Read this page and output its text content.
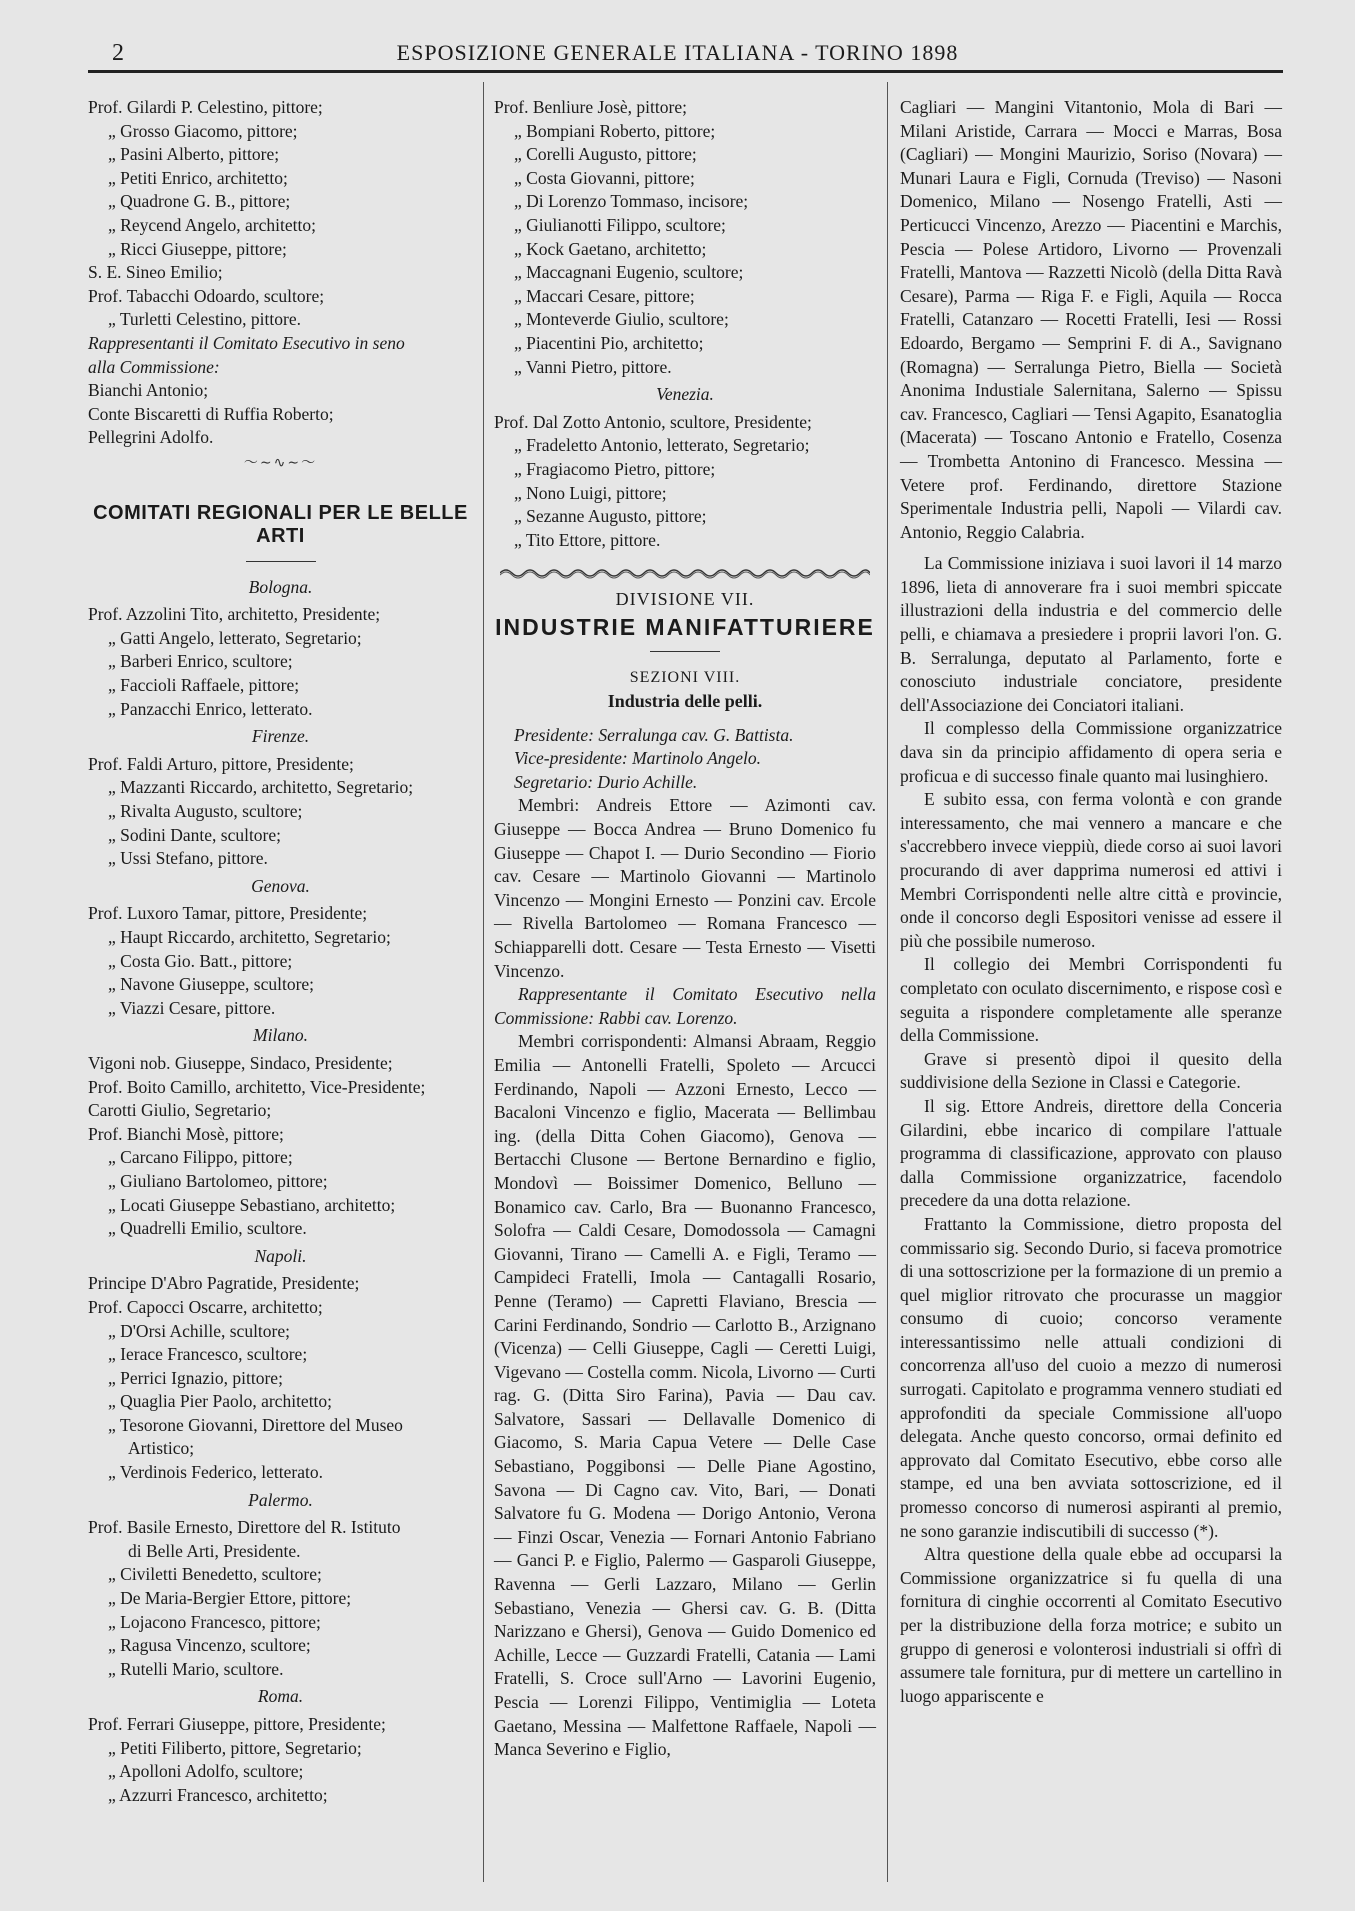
2	ESPOSIZIONE GENERALE ITALIANA - TORINO 1898
Prof. Gilardi P. Celestino, pittore;
„ Grosso Giacomo, pittore;
„ Pasini Alberto, pittore;
„ Petiti Enrico, architetto;
„ Quadrone G. B., pittore;
„ Reycend Angelo, architetto;
„ Ricci Giuseppe, pittore;
S. E. Sineo Emilio;
Prof. Tabacchi Odoardo, scultore;
„ Turletti Celestino, pittore.
Rappresentanti il Comitato Esecutivo in seno
alla Commissione:
Bianchi Antonio;
Conte Biscaretti di Ruffia Roberto;
Pellegrini Adolfo.
～∼∿∼～
COMITATI REGIONALI PER LE BELLE ARTI
Bologna.
Prof. Azzolini Tito, architetto, Presidente;
„ Gatti Angelo, letterato, Segretario;
„ Barberi Enrico, scultore;
„ Faccioli Raffaele, pittore;
„ Panzacchi Enrico, letterato.
Firenze.
Prof. Faldi Arturo, pittore, Presidente;
„ Mazzanti Riccardo, architetto, Segretario;
„ Rivalta Augusto, scultore;
„ Sodini Dante, scultore;
„ Ussi Stefano, pittore.
Genova.
Prof. Luxoro Tamar, pittore, Presidente;
„ Haupt Riccardo, architetto, Segretario;
„ Costa Gio. Batt., pittore;
„ Navone Giuseppe, scultore;
„ Viazzi Cesare, pittore.
Milano.
Vigoni nob. Giuseppe, Sindaco, Presidente;
Prof. Boito Camillo, architetto, Vice-Presidente;
Carotti Giulio, Segretario;
Prof. Bianchi Mosè, pittore;
„ Carcano Filippo, pittore;
„ Giuliano Bartolomeo, pittore;
„ Locati Giuseppe Sebastiano, architetto;
„ Quadrelli Emilio, scultore.
Napoli.
Principe D'Abro Pagratide, Presidente;
Prof. Capocci Oscarre, architetto;
„ D'Orsi Achille, scultore;
„ Ierace Francesco, scultore;
„ Perrici Ignazio, pittore;
„ Quaglia Pier Paolo, architetto;
„ Tesorone Giovanni, Direttore del Museo
Artistico;
„ Verdinois Federico, letterato.
Palermo.
Prof. Basile Ernesto, Direttore del R. Istituto
di Belle Arti, Presidente.
„ Civiletti Benedetto, scultore;
„ De Maria-Bergier Ettore, pittore;
„ Lojacono Francesco, pittore;
„ Ragusa Vincenzo, scultore;
„ Rutelli Mario, scultore.
Roma.
Prof. Ferrari Giuseppe, pittore, Presidente;
„ Petiti Filiberto, pittore, Segretario;
„ Apolloni Adolfo, scultore;
„ Azzurri Francesco, architetto;
Prof. Benliure Josè, pittore;
„ Bompiani Roberto, pittore;
„ Corelli Augusto, pittore;
„ Costa Giovanni, pittore;
„ Di Lorenzo Tommaso, incisore;
„ Giulianotti Filippo, scultore;
„ Kock Gaetano, architetto;
„ Maccagnani Eugenio, scultore;
„ Maccari Cesare, pittore;
„ Monteverde Giulio, scultore;
„ Piacentini Pio, architetto;
„ Vanni Pietro, pittore.
Venezia.
Prof. Dal Zotto Antonio, scultore, Presidente;
„ Fradeletto Antonio, letterato, Segretario;
„ Fragiacomo Pietro, pittore;
„ Nono Luigi, pittore;
„ Sezanne Augusto, pittore;
„ Tito Ettore, pittore.
DIVISIONE VII.
INDUSTRIE MANIFATTURIERE
SEZIONI VIII.
Industria delle pelli.
Presidente: Serralunga cav. G. Battista.
Vice-presidente: Martinolo Angelo.
Segretario: Durio Achille.
Membri: Andreis Ettore — Azimonti cav. Giuseppe — Bocca Andrea — Bruno Domenico fu Giuseppe — Chapot I. — Durio Secondino — Fiorio cav. Cesare — Martinolo Giovanni — Martinolo Vincenzo — Mongini Ernesto — Ponzini cav. Ercole — Rivella Bartolomeo — Romana Francesco — Schiapparelli dott. Cesare — Testa Ernesto — Visetti Vincenzo.
Rappresentante il Comitato Esecutivo nella Commissione: Rabbi cav. Lorenzo.
Membri corrispondenti: Almansi Abraam, Reggio Emilia — Antonelli Fratelli, Spoleto — Arcucci Ferdinando, Napoli — Azzoni Ernesto, Lecco — Bacaloni Vincenzo e figlio, Macerata — Bellimbau ing. (della Ditta Cohen Giacomo), Genova — Bertacchi Clusone — Bertone Bernardino e figlio, Mondovì — Boissimer Domenico, Belluno — Bonamico cav. Carlo, Bra — Buonanno Francesco, Solofra — Caldi Cesare, Domodossola — Camagni Giovanni, Tirano — Camelli A. e Figli, Teramo — Campideci Fratelli, Imola — Cantagalli Rosario, Penne (Teramo) — Capretti Flaviano, Brescia — Carini Ferdinando, Sondrio — Carlotto B., Arzignano (Vicenza) — Celli Giuseppe, Cagli — Ceretti Luigi, Vigevano — Costella comm. Nicola, Livorno — Curti rag. G. (Ditta Siro Farina), Pavia — Dau cav. Salvatore, Sassari — Dellavalle Domenico di Giacomo, S. Maria Capua Vetere — Delle Case Sebastiano, Poggibonsi — Delle Piane Agostino, Savona — Di Cagno cav. Vito, Bari, — Donati Salvatore fu G. Modena — Dorigo Antonio, Verona — Finzi Oscar, Venezia — Fornari Antonio Fabriano — Ganci P. e Figlio, Palermo — Gasparoli Giuseppe, Ravenna — Gerli Lazzaro, Milano — Gerlin Sebastiano, Venezia — Ghersi cav. G. B. (Ditta Narizzano e Ghersi), Genova — Guido Domenico ed Achille, Lecce — Guzzardi Fratelli, Catania — Lami Fratelli, S. Croce sull'Arno — Lavorini Eugenio, Pescia — Lorenzi Filippo, Ventimiglia — Loteta Gaetano, Messina — Malfettone Raffaele, Napoli — Manca Severino e Figlio,
Cagliari — Mangini Vitantonio, Mola di Bari — Milani Aristide, Carrara — Mocci e Marras, Bosa (Cagliari) — Mongini Maurizio, Soriso (Novara) — Munari Laura e Figli, Cornuda (Treviso) — Nasoni Domenico, Milano — Nosengo Fratelli, Asti — Perticucci Vincenzo, Arezzo — Piacentini e Marchis, Pescia — Polese Artidoro, Livorno — Provenzali Fratelli, Mantova — Razzetti Nicolò (della Ditta Ravà Cesare), Parma — Riga F. e Figli, Aquila — Rocca Fratelli, Catanzaro — Rocetti Fratelli, Iesi — Rossi Edoardo, Bergamo — Semprini F. di A., Savignano (Romagna) — Serralunga Pietro, Biella — Società Anonima Industiale Salernitana, Salerno — Spissu cav. Francesco, Cagliari — Tensi Agapito, Esanatoglia (Macerata) — Toscano Antonio e Fratello, Cosenza — Trombetta Antonino di Francesco. Messina — Vetere prof. Ferdinando, direttore Stazione Sperimentale Industria pelli, Napoli — Vilardi cav. Antonio, Reggio Calabria.
La Commissione iniziava i suoi lavori il 14 marzo 1896, lieta di annoverare fra i suoi membri spiccate illustrazioni della industria e del commercio delle pelli, e chiamava a presiedere i proprii lavori l'on. G. B. Serralunga, deputato al Parlamento, forte e conosciuto industriale conciatore, presidente dell'Associazione dei Conciatori italiani.
Il complesso della Commissione organizzatrice dava sin da principio affidamento di opera seria e proficua e di successo finale quanto mai lusinghiero.
E subito essa, con ferma volontà e con grande interessamento, che mai vennero a mancare e che s'accrebbero invece vieppiù, diede corso ai suoi lavori procurando di aver dapprima numerosi ed attivi i Membri Corrispondenti nelle altre città e provincie, onde il concorso degli Espositori venisse ad essere il più che possibile numeroso.
Il collegio dei Membri Corrispondenti fu completato con oculato discernimento, e rispose così e seguita a rispondere completamente alle speranze della Commissione.
Grave si presentò dipoi il quesito della suddivisione della Sezione in Classi e Categorie.
Il sig. Ettore Andreis, direttore della Conceria Gilardini, ebbe incarico di compilare l'attuale programma di classificazione, approvato con plauso dalla Commissione organizzatrice, facendolo precedere da una dotta relazione.
Frattanto la Commissione, dietro proposta del commissario sig. Secondo Durio, si faceva promotrice di una sottoscrizione per la formazione di un premio a quel miglior ritrovato che procurasse un maggior consumo di cuoio; concorso veramente interessantissimo nelle attuali condizioni di concorrenza all'uso del cuoio a mezzo di numerosi surrogati. Capitolato e programma vennero studiati ed approfonditi da speciale Commissione all'uopo delegata. Anche questo concorso, ormai definito ed approvato dal Comitato Esecutivo, ebbe corso alle stampe, ed una ben avviata sottoscrizione, ed il promesso concorso di numerosi aspiranti al premio, ne sono garanzie indiscutibili di successo (*).
Altra questione della quale ebbe ad occuparsi la Commissione organizzatrice si fu quella di una fornitura di cinghie occorrenti al Comitato Esecutivo per la distribuzione della forza motrice; e subito un gruppo di generosi e volonterosi industriali si offrì di assumere tale fornitura, pur di mettere un cartellino in luogo appariscente e
